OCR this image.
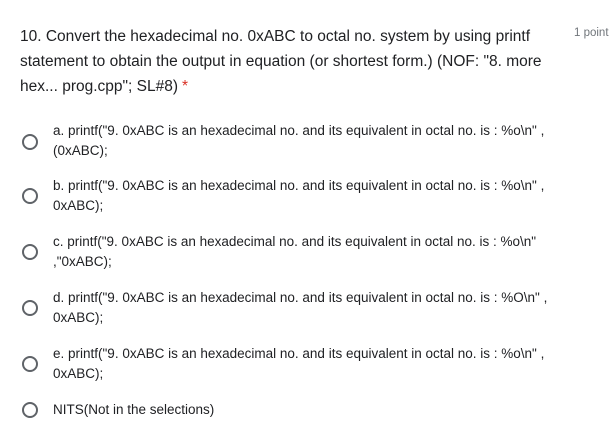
10. Convert the hexadecimal no. 0xABC to octal no. system by using printf statement to obtain the output in equation (or shortest form.) (NOF: "8. more hex... prog.cpp"; SL#8) *
1 point
a. printf("9. 0xABC is an hexadecimal no. and its equivalent in octal no. is : %o\n" , (0xABC);
b. printf("9. 0xABC is an hexadecimal no. and its equivalent in octal no. is : %o\n" , 0xABC);
c. printf("9. 0xABC is an hexadecimal no. and its equivalent in octal no. is : %o\n" ,"0xABC);
d. printf("9. 0xABC is an hexadecimal no. and its equivalent in octal no. is : %O\n" , 0xABC);
e. printf("9. 0xABC is an hexadecimal no. and its equivalent in octal no. is : %o\n" , 0xABC);
NITS(Not in the selections)
